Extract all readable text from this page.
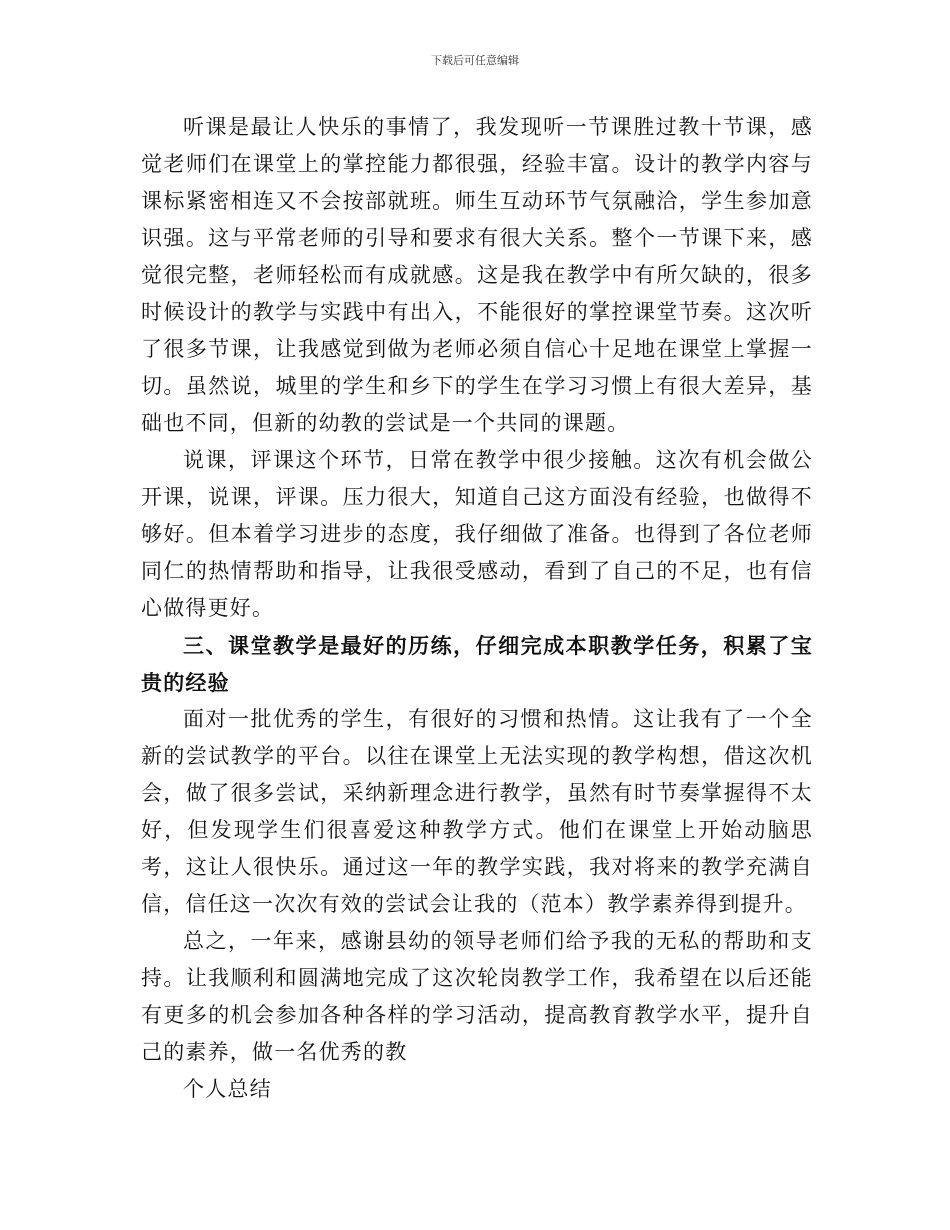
下载后可任意编辑

听课是最让人快乐的事情了，我发现听一节课胜过教十节课，感觉老师们在课堂上的掌控能力都很强，经验丰富。设计的教学内容与课标紧密相连又不会按部就班。师生互动环节气氛融洽，学生参加意识强。这与平常老师的引导和要求有很大关系。整个一节课下来，感觉很完整，老师轻松而有成就感。这是我在教学中有所欠缺的，很多时候设计的教学与实践中有出入，不能很好的掌控课堂节奏。这次听了很多节课，让我感觉到做为老师必须自信心十足地在课堂上掌握一切。虽然说，城里的学生和乡下的学生在学习习惯上有很大差异，基础也不同，但新的幼教的尝试是一个共同的课题。

说课，评课这个环节，日常在教学中很少接触。这次有机会做公开课，说课，评课。压力很大，知道自己这方面没有经验，也做得不够好。但本着学习进步的态度，我仔细做了准备。也得到了各位老师同仁的热情帮助和指导，让我很受感动，看到了自己的不足，也有信心做得更好。

三、课堂教学是最好的历练，仔细完成本职教学任务，积累了宝贵的经验

面对一批优秀的学生，有很好的习惯和热情。这让我有了一个全新的尝试教学的平台。以往在课堂上无法实现的教学构想，借这次机会，做了很多尝试，采纳新理念进行教学，虽然有时节奏掌握得不太好，但发现学生们很喜爱这种教学方式。他们在课堂上开始动脑思考，这让人很快乐。通过这一年的教学实践，我对将来的教学充满自信，信任这一次次有效的尝试会让我的（范本）教学素养得到提升。

总之，一年来，感谢县幼的领导老师们给予我的无私的帮助和支持。让我顺利和圆满地完成了这次轮岗教学工作，我希望在以后还能有更多的机会参加各种各样的学习活动，提高教育教学水平，提升自己的素养，做一名优秀的教

个人总结
